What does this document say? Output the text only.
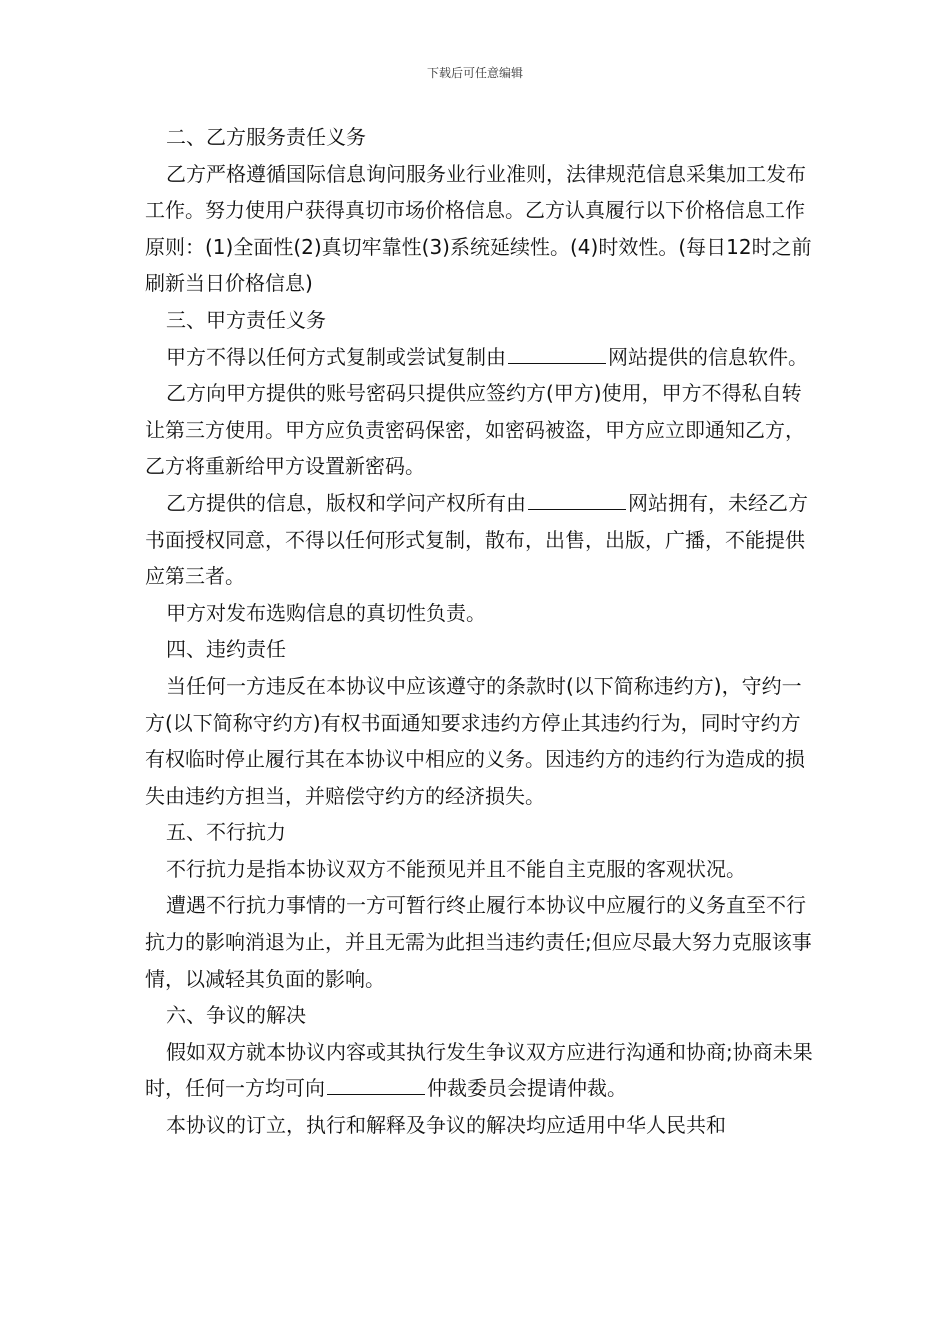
下载后可任意编辑

二、乙方服务责任义务

乙方严格遵循国际信息询问服务业行业准则，法律规范信息采集加工发布工作。努力使用户获得真切市场价格信息。乙方认真履行以下价格信息工作原则：(1)全面性(2)真切牢靠性(3)系统延续性。(4)时效性。(每日12时之前刷新当日价格信息)

三、甲方责任义务

甲方不得以任何方式复制或尝试复制由	网站提供的信息软件。

乙方向甲方提供的账号密码只提供应签约方(甲方)使用，甲方不得私自转让第三方使用。甲方应负责密码保密，如密码被盗，甲方应立即通知乙方，乙方将重新给甲方设置新密码。

乙方提供的信息，版权和学问产权所有由	网站拥有，未经乙方书面授权同意，不得以任何形式复制，散布，出售，出版，广播，不能提供应第三者。

甲方对发布选购信息的真切性负责。

四、违约责任

当任何一方违反在本协议中应该遵守的条款时(以下简称违约方)，守约一方(以下简称守约方)有权书面通知要求违约方停止其违约行为，同时守约方有权临时停止履行其在本协议中相应的义务。因违约方的违约行为造成的损失由违约方担当，并赔偿守约方的经济损失。

五、不行抗力

不行抗力是指本协议双方不能预见并且不能自主克服的客观状况。

遭遇不行抗力事情的一方可暂行终止履行本协议中应履行的义务直至不行抗力的影响消退为止，并且无需为此担当违约责任;但应尽最大努力克服该事情，以减轻其负面的影响。

六、争议的解决

假如双方就本协议内容或其执行发生争议双方应进行沟通和协商;协商未果时，任何一方均可向	仲裁委员会提请仲裁。

本协议的订立，执行和解释及争议的解决均应适用中华人民共和
